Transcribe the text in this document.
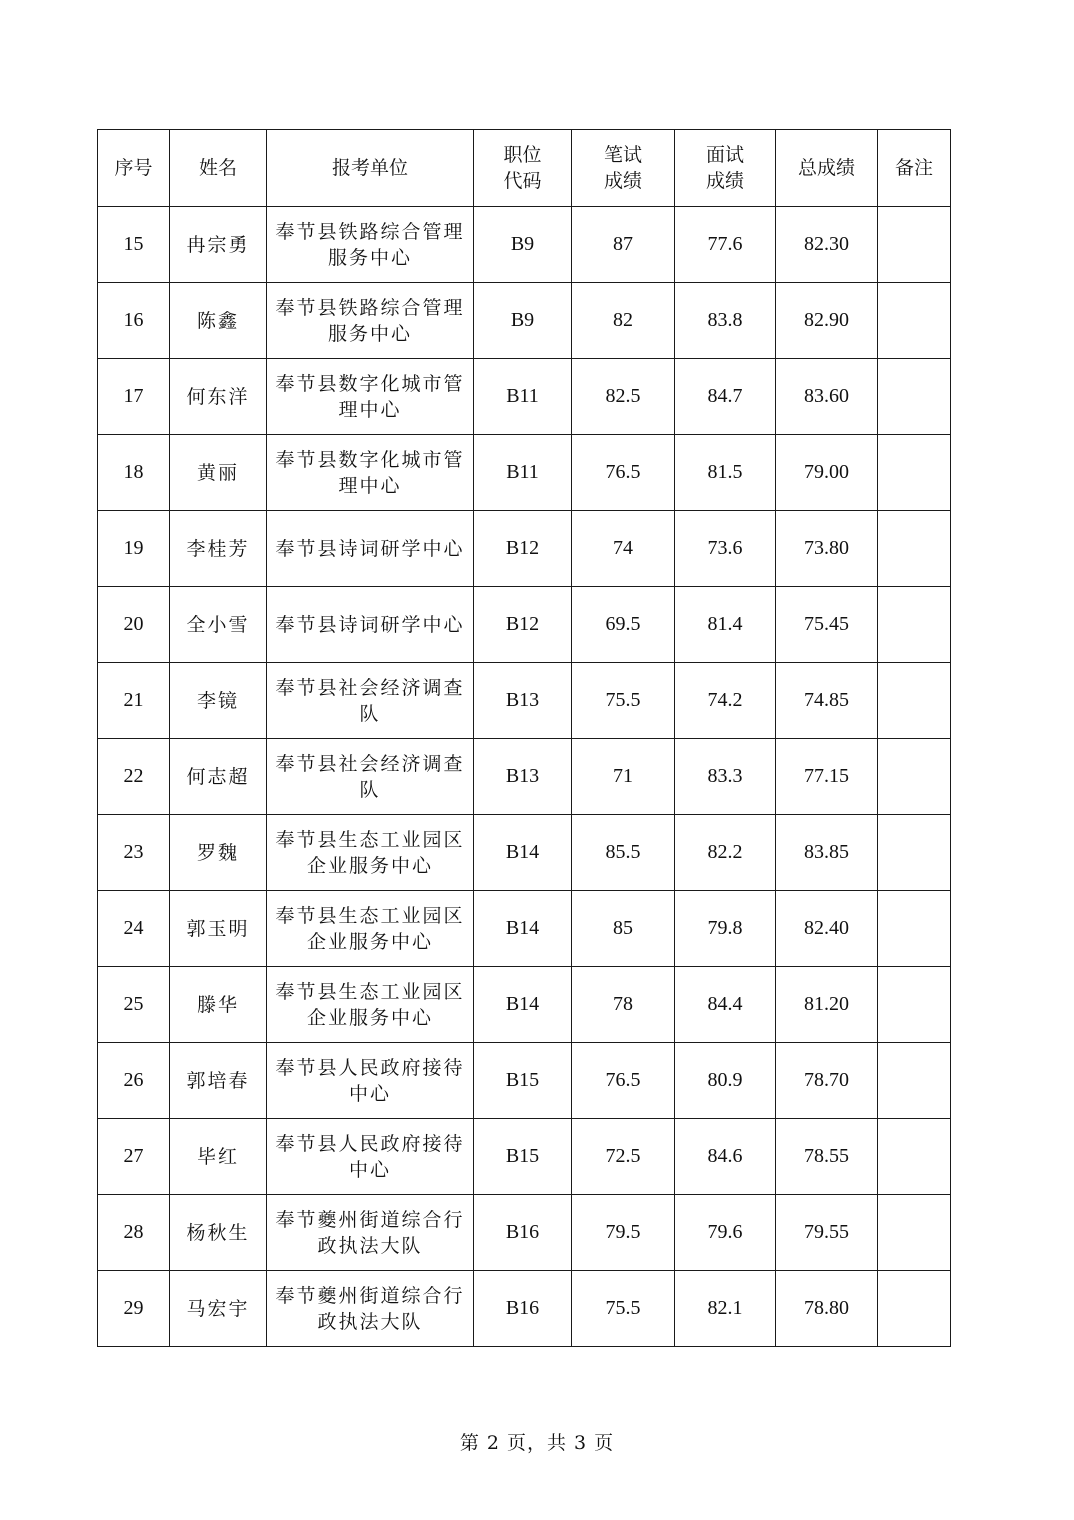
序号	姓名	报考单位	职位代码	笔试成绩	面试成绩	总成绩	备注
15	冉宗勇	奉节县铁路综合管理服务中心	B9	87	77.6	82.30	
16	陈鑫	奉节县铁路综合管理服务中心	B9	82	83.8	82.90	
17	何东洋	奉节县数字化城市管理中心	B11	82.5	84.7	83.60	
18	黄丽	奉节县数字化城市管理中心	B11	76.5	81.5	79.00	
19	李桂芳	奉节县诗词研学中心	B12	74	73.6	73.80	
20	全小雪	奉节县诗词研学中心	B12	69.5	81.4	75.45	
21	李镜	奉节县社会经济调查队	B13	75.5	74.2	74.85	
22	何志超	奉节县社会经济调查队	B13	71	83.3	77.15	
23	罗魏	奉节县生态工业园区企业服务中心	B14	85.5	82.2	83.85	
24	郭玉明	奉节县生态工业园区企业服务中心	B14	85	79.8	82.40	
25	滕华	奉节县生态工业园区企业服务中心	B14	78	84.4	81.20	
26	郭培春	奉节县人民政府接待中心	B15	76.5	80.9	78.70	
27	毕红	奉节县人民政府接待中心	B15	72.5	84.6	78.55	
28	杨秋生	奉节夔州街道综合行政执法大队	B16	79.5	79.6	79.55	
29	马宏宇	奉节夔州街道综合行政执法大队	B16	75.5	82.1	78.80	
第 2 页，共 3 页
